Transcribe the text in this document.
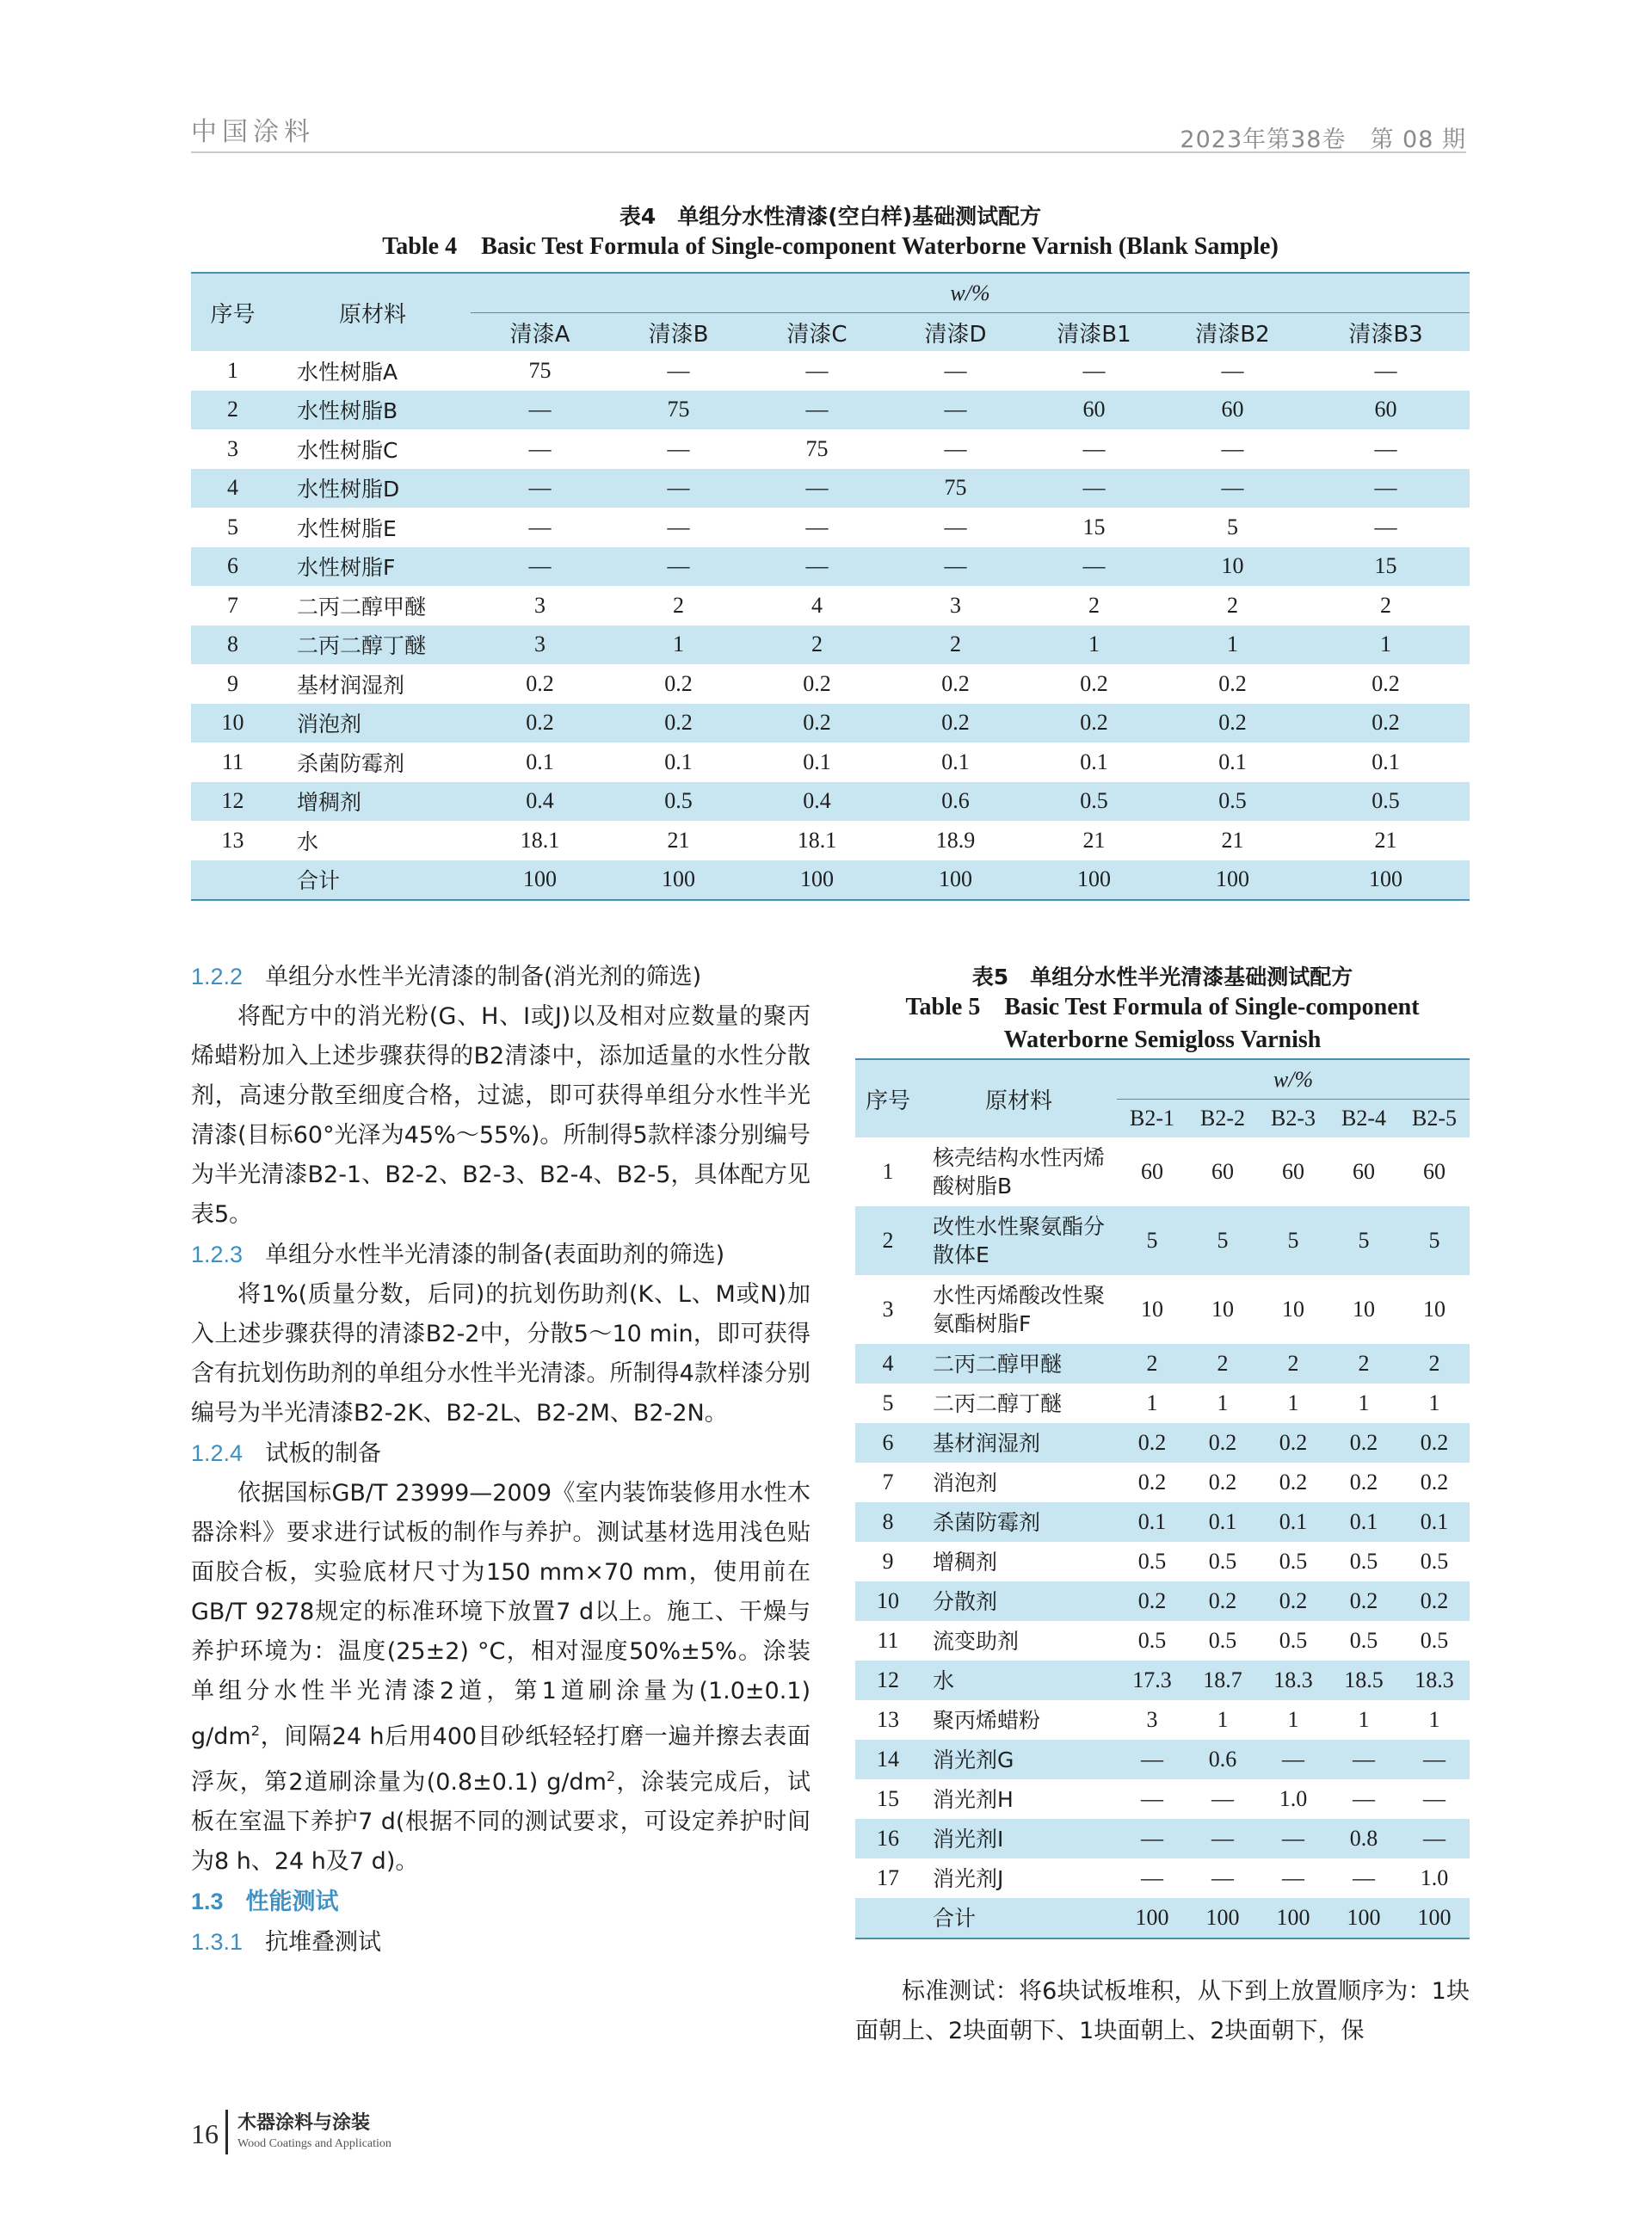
中国涂料	2023年第38卷　第 08 期
表4　单组分水性清漆(空白样)基础测试配方
Table 4　Basic Test Formula of Single-component Waterborne Varnish (Blank Sample)
序号	原材料	w/%						
		清漆A	清漆B	清漆C	清漆D	清漆B1	清漆B2	清漆B3
1	水性树脂A	75	—	—	—	—	—	—
2	水性树脂B	—	75	—	—	60	60	60
3	水性树脂C	—	—	75	—	—	—	—
4	水性树脂D	—	—	—	75	—	—	—
5	水性树脂E	—	—	—	—	15	5	—
6	水性树脂F	—	—	—	—	—	10	15
7	二丙二醇甲醚	3	2	4	3	2	2	2
8	二丙二醇丁醚	3	1	2	2	1	1	1
9	基材润湿剂	0.2	0.2	0.2	0.2	0.2	0.2	0.2
10	消泡剂	0.2	0.2	0.2	0.2	0.2	0.2	0.2
11	杀菌防霉剂	0.1	0.1	0.1	0.1	0.1	0.1	0.1
12	增稠剂	0.4	0.5	0.4	0.6	0.5	0.5	0.5
13	水	18.1	21	18.1	18.9	21	21	21
	合计	100	100	100	100	100	100	100
1.2.2 单组分水性半光清漆的制备(消光剂的筛选)

将配方中的消光粉(G、H、I或J)以及相对应数量的聚丙烯蜡粉加入上述步骤获得的B2清漆中，添加适量的水性分散剂，高速分散至细度合格，过滤，即可获得单组分水性半光清漆(目标60°光泽为45%～55%)。所制得5款样漆分别编号为半光清漆B2-1、B2-2、B2-3、B2-4、B2-5，具体配方见表5。

1.2.3 单组分水性半光清漆的制备(表面助剂的筛选)

将1%(质量分数，后同)的抗划伤助剂(K、L、M或N)加入上述步骤获得的清漆B2-2中，分散5～10 min，即可获得含有抗划伤助剂的单组分水性半光清漆。所制得4款样漆分别编号为半光清漆B2-2K、B2-2L、B2-2M、B2-2N。

1.2.4 试板的制备

依据国标GB/T 23999—2009《室内装饰装修用水性木器涂料》要求进行试板的制作与养护。测试基材选用浅色贴面胶合板，实验底材尺寸为150 mm×70 mm，使用前在GB/T 9278规定的标准环境下放置7 d以上。施工、干燥与养护环境为：温度(25±2) °C，相对湿度50%±5%。涂装单组分水性半光清漆2道，第1道刷涂量为(1.0±0.1) $g/dm^2$，间隔24 h后用400目砂纸轻轻打磨一遍并擦去表面浮灰，第2道刷涂量为(0.8±0.1) $g/dm^2$，涂装完成后，试板在室温下养护7 d(根据不同的测试要求，可设定养护时间为8 h、24 h及7 d)。

1.3 性能测试
1.3.1 抗堆叠测试
表5　单组分水性半光清漆基础测试配方
Table 5　Basic Test Formula of Single-component
Waterborne Semigloss Varnish
序号	原材料	w/%				
		B2-1	B2-2	B2-3	B2-4	B2-5
1	核壳结构水性丙烯酸树脂B	60	60	60	60	60
2	改性水性聚氨酯分散体E	5	5	5	5	5
3	水性丙烯酸改性聚氨酯树脂F	10	10	10	10	10
4	二丙二醇甲醚	2	2	2	2	2
5	二丙二醇丁醚	1	1	1	1	1
6	基材润湿剂	0.2	0.2	0.2	0.2	0.2
7	消泡剂	0.2	0.2	0.2	0.2	0.2
8	杀菌防霉剂	0.1	0.1	0.1	0.1	0.1
9	增稠剂	0.5	0.5	0.5	0.5	0.5
10	分散剂	0.2	0.2	0.2	0.2	0.2
11	流变助剂	0.5	0.5	0.5	0.5	0.5
12	水	17.3	18.7	18.3	18.5	18.3
13	聚丙烯蜡粉	3	1	1	1	1
14	消光剂G	—	0.6	—	—	—
15	消光剂H	—	—	1.0	—	—
16	消光剂I	—	—	—	0.8	—
17	消光剂J	—	—	—	—	1.0
	合计	100	100	100	100	100

标准测试：将6块试板堆积，从下到上放置顺序为：1块面朝上、2块面朝下、1块面朝上、2块面朝下，保

16 木器涂料与涂装
Wood Coatings and Application
